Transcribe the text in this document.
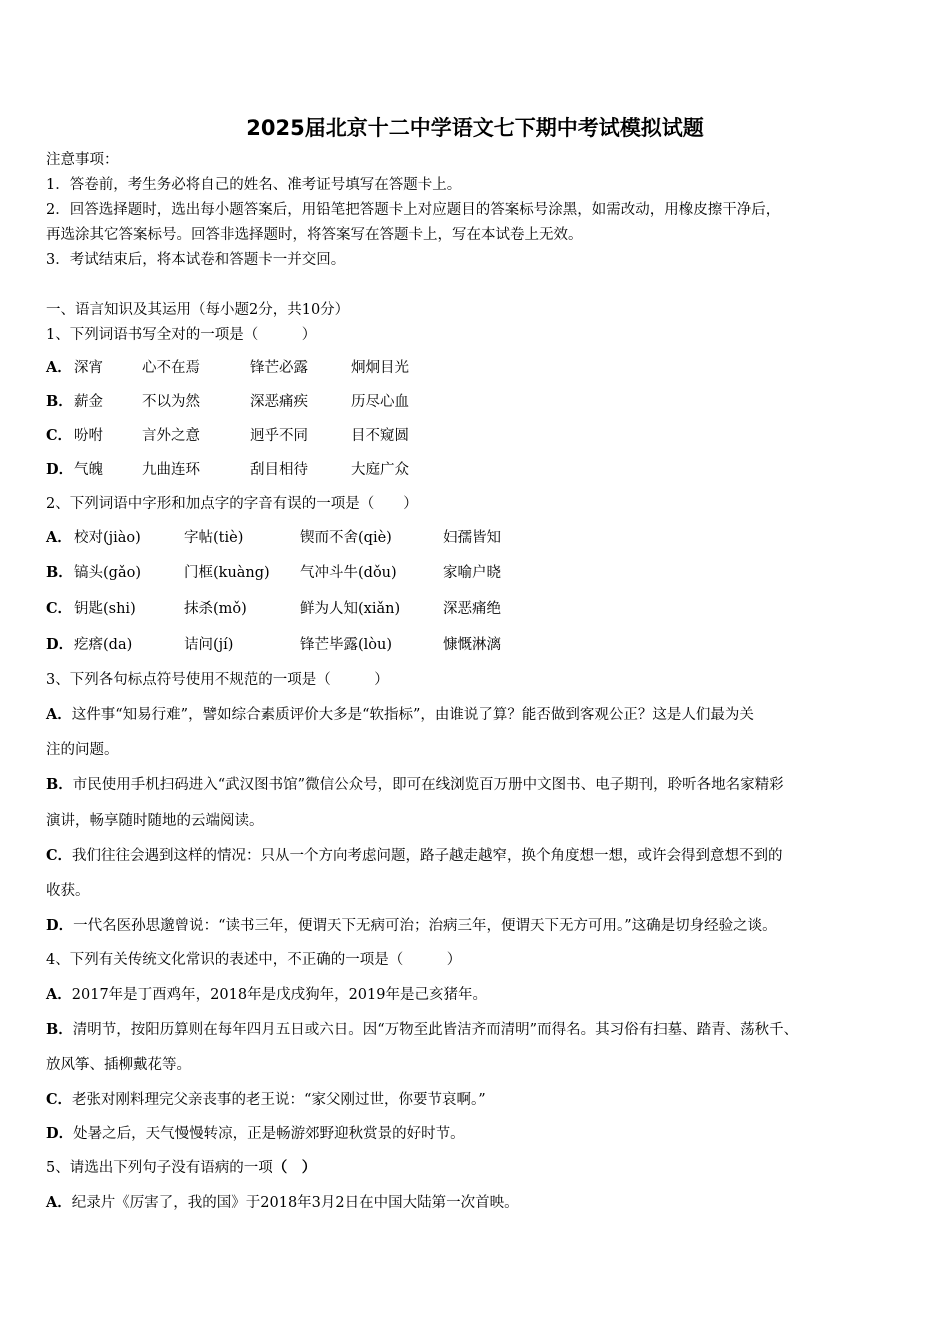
2025届北京十二中学语文七下期中考试模拟试题
注意事项：
1．答卷前，考生务必将自己的姓名、准考证号填写在答题卡上。
2．回答选择题时，选出每小题答案后，用铅笔把答题卡上对应题目的答案标号涂黑，如需改动，用橡皮擦干净后，
再选涂其它答案标号。回答非选择题时，将答案写在答题卡上，写在本试卷上无效。
3．考试结束后，将本试卷和答题卡一并交回。
一、语言知识及其运用（每小题2分，共10分）
1、下列词语书写全对的一项是（　　　）
A． 深宵	心不在焉	锋芒必露	炯炯目光
B． 薪金	不以为然	深恶痛疾	历尽心血
C． 吩咐	言外之意	迥乎不同	目不窥圆
D． 气魄	九曲连环	刮目相待	大庭广众
2、下列词语中字形和加点字的字音有误的一项是（　　）
A． 校对(jiào)	字帖(tiè)	锲而不舍(qiè)	妇孺皆知
B． 镐头(gǎo)	门框(kuàng) 气冲斗牛(dǒu)	家喻户晓
C． 钥匙(shi)	抹杀(mǒ)	鲜为人知(xiǎn)	深恶痛绝
D． 疙瘩(da)	诘问(jí)	锋芒毕露(lòu)	慷慨淋漓
3、下列各句标点符号使用不规范的一项是（　　　）
A．这件事“知易行难”，譬如综合素质评价大多是“软指标”，由谁说了算？能否做到客观公正？这是人们最为关
注的问题。
B．市民使用手机扫码进入“武汉图书馆”微信公众号，即可在线浏览百万册中文图书、电子期刊，聆听各地名家精彩
演讲，畅享随时随地的云端阅读。
C．我们往往会遇到这样的情况：只从一个方向考虑问题，路子越走越窄，换个角度想一想，或许会得到意想不到的
收获。
D．一代名医孙思邈曾说：“读书三年，便谓天下无病可治；治病三年，便谓天下无方可用。”这确是切身经验之谈。
4、下列有关传统文化常识的表述中，不正确的一项是（　　　）
A．2017年是丁酉鸡年，2018年是戊戌狗年，2019年是己亥猪年。
B．清明节，按阳历算则在每年四月五日或六日。因“万物至此皆洁齐而清明”而得名。其习俗有扫墓、踏青、荡秋千、
放风筝、插柳戴花等。
C．老张对刚料理完父亲丧事的老王说：“家父刚过世，你要节哀啊。”
D．处暑之后，天气慢慢转凉，正是畅游郊野迎秋赏景的好时节。
5、请选出下列句子没有语病的一项（　）
A．纪录片《厉害了，我的国》于2018年3月2日在中国大陆第一次首映。
